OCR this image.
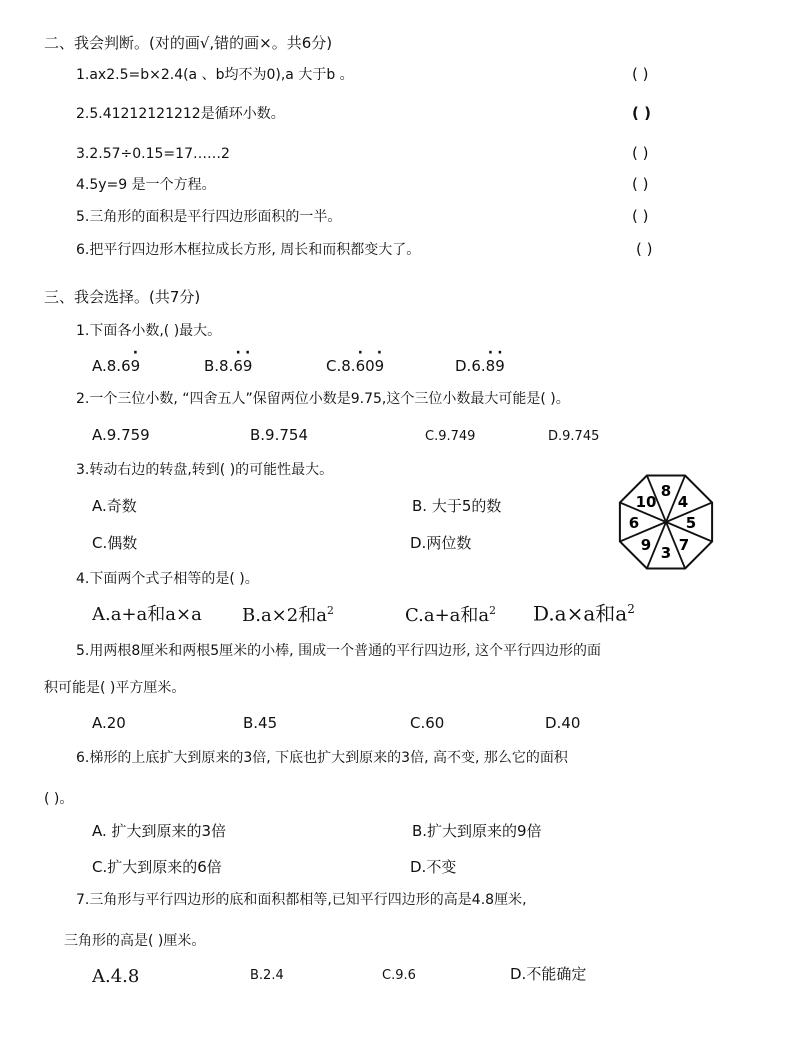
二、我会判断。(对的画√,错的画×。共6分)
1.ax2.5=b×2.4(a 、b均不为0),a 大于b 。	( )
2.5.41212121212是循环小数。	( )
3.2.57÷0.15=17……2	( )
4.5y=9 是一个方程。	( )
5.三角形的面积是平行四边形面积的一半。	( )
6.把平行四边形木框拉成长方形, 周长和而积都变大了。	( )
三、我会选择。(共7分)
1.下面各小数,( )最大。
A.8.6· 9	B.8.· 6· 9	C.8.· 60· 9	D.6.· 8· 9
2.一个三位小数, “四舍五人”保留两位小数是9.75,这个三位小数最大可能是( )。
A.9.759	B.9.754	C.9.749	D.9.745
3.转动右边的转盘,转到( )的可能性最大。
A.奇数	B. 大于5的数
C.偶数	D.两位数
8
4
5
7
3
9
6
10
4.下面两个式子相等的是( )。
A.a+a和a×a B.a×2和$a^2$	C.a+a和$a^2$ D.a×a和$a^2$
5.用两根8厘米和两根5厘米的小棒, 围成一个普通的平行四边形, 这个平行四边形的面
积可能是( )平方厘米。
A.20	B.45	C.60	D.40
6.梯形的上底扩大到原来的3倍, 下底也扩大到原来的3倍, 高不变, 那么它的面积
( )。
A. 扩大到原来的3倍	B.扩大到原来的9倍
C.扩大到原来的6倍	D.不变
7.三角形与平行四边形的底和面积都相等,已知平行四边形的高是4.8厘米,
三角形的高是( )厘米。
A.4.8	B.2.4	C.9.6	D.不能确定
